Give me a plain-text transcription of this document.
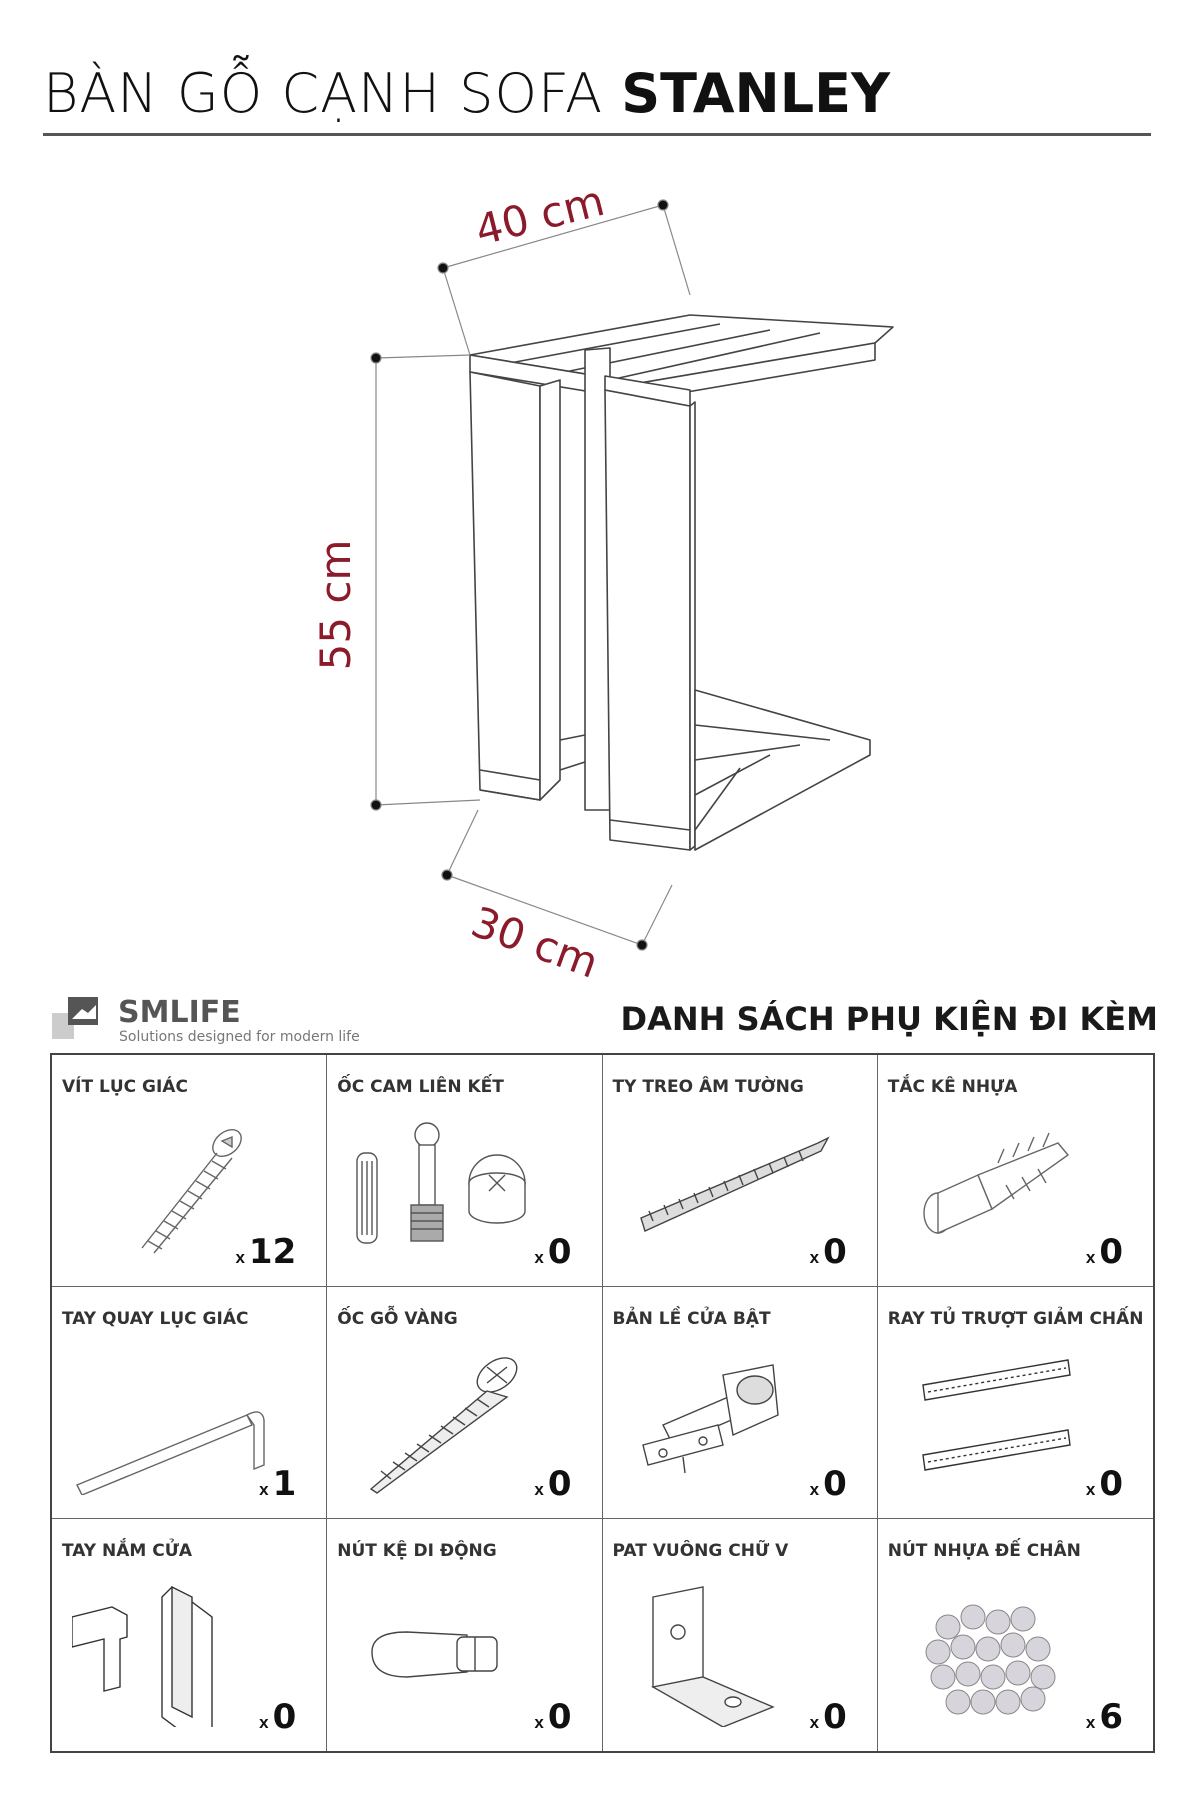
BÀN GỖ CẠNH SOFA STANLEY
40 cm
55 cm
30 cm
SMLIFE
Solutions designed for modern life	DANH SÁCH PHỤ KIỆN ĐI KÈM
VÍT LỤC GIÁC
x 12
ỐC CAM LIÊN KẾT
x 0
TY TREO ÂM TƯỜNG
x 0
TẮC KÊ NHỰA
x 0
TAY QUAY LỤC GIÁC
x 1
ỐC GỖ VÀNG
x 0
BẢN LỀ CỬA BẬT
x 0
RAY TỦ TRƯỢT GIẢM CHẤN
x 0
TAY NẮM CỬA
x 0
NÚT KỆ DI ĐỘNG
x 0
PAT VUÔNG CHỮ V
x 0
NÚT NHỰA ĐẾ CHÂN
x 6
